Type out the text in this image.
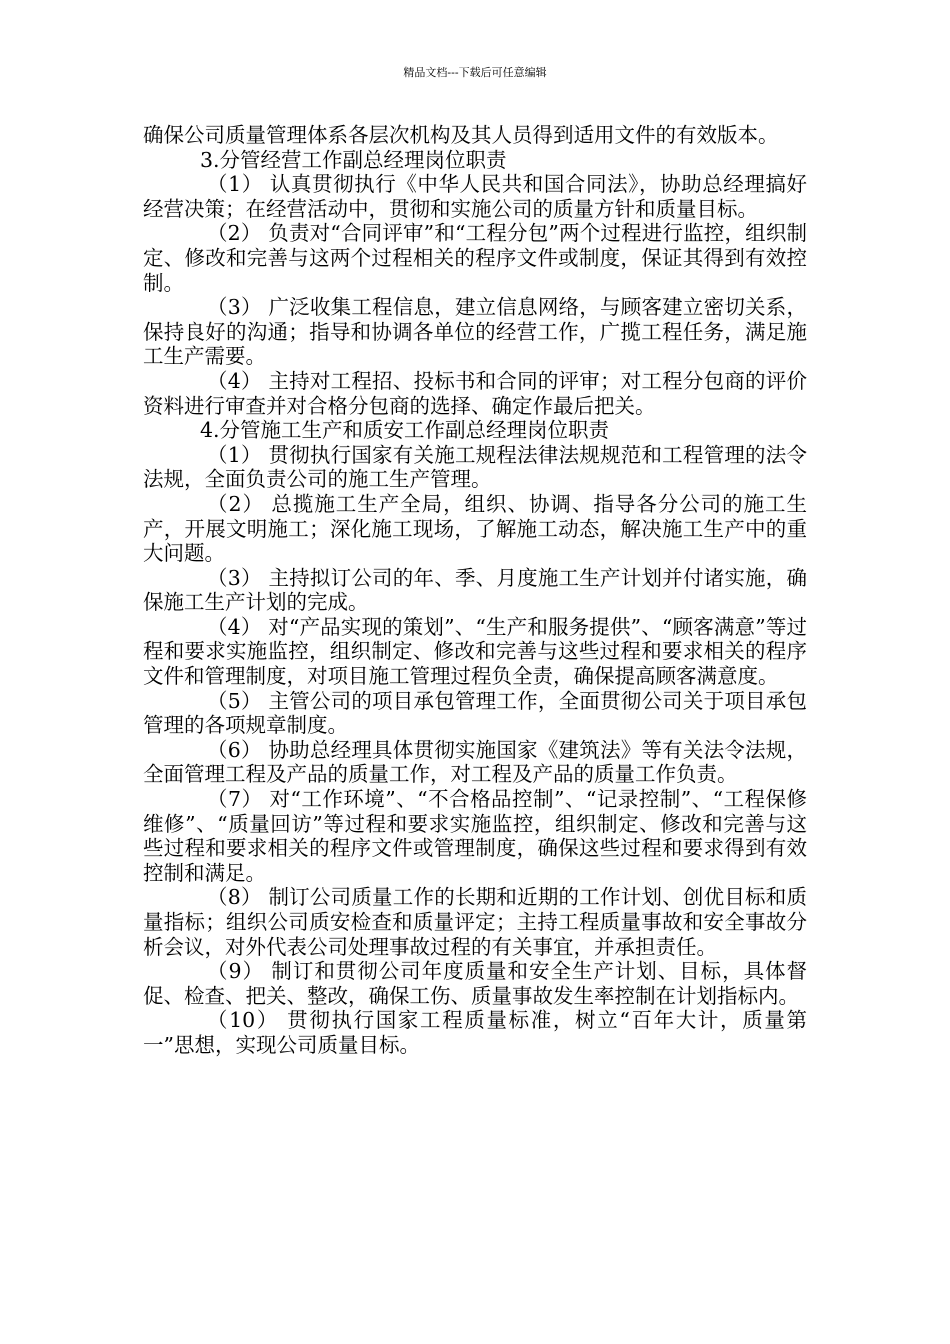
精品文档---下载后可任意编辑

确保公司质量管理体系各层次机构及其人员得到适用文件的有效版本。

3.分管经营工作副总经理岗位职责

（1） 认真贯彻执行《中华人民共和国合同法》，协助总经理搞好经营决策；在经营活动中，贯彻和实施公司的质量方针和质量目标。

（2） 负责对“合同评审”和“工程分包”两个过程进行监控，组织制定、修改和完善与这两个过程相关的程序文件或制度，保证其得到有效控制。

（3） 广泛收集工程信息，建立信息网络，与顾客建立密切关系，保持良好的沟通；指导和协调各单位的经营工作，广揽工程任务，满足施工生产需要。

（4） 主持对工程招、投标书和合同的评审；对工程分包商的评价资料进行审查并对合格分包商的选择、确定作最后把关。

4.分管施工生产和质安工作副总经理岗位职责

（1） 贯彻执行国家有关施工规程法律法规规范和工程管理的法令法规，全面负责公司的施工生产管理。

（2） 总揽施工生产全局，组织、协调、指导各分公司的施工生产，开展文明施工；深化施工现场，了解施工动态，解决施工生产中的重大问题。

（3） 主持拟订公司的年、季、月度施工生产计划并付诸实施，确保施工生产计划的完成。

（4） 对“产品实现的策划”、“生产和服务提供”、“顾客满意”等过程和要求实施监控，组织制定、修改和完善与这些过程和要求相关的程序文件和管理制度，对项目施工管理过程负全责，确保提高顾客满意度。

（5） 主管公司的项目承包管理工作，全面贯彻公司关于项目承包管理的各项规章制度。

（6） 协助总经理具体贯彻实施国家《建筑法》等有关法令法规，全面管理工程及产品的质量工作，对工程及产品的质量工作负责。

（7） 对“工作环境”、“不合格品控制”、“记录控制”、“工程保修维修”、“质量回访”等过程和要求实施监控，组织制定、修改和完善与这些过程和要求相关的程序文件或管理制度，确保这些过程和要求得到有效控制和满足。

（8） 制订公司质量工作的长期和近期的工作计划、创优目标和质量指标；组织公司质安检查和质量评定；主持工程质量事故和安全事故分析会议，对外代表公司处理事故过程的有关事宜，并承担责任。

（9） 制订和贯彻公司年度质量和安全生产计划、目标，具体督促、检查、把关、整改，确保工伤、质量事故发生率控制在计划指标内。

（10） 贯彻执行国家工程质量标准，树立“百年大计，质量第一”思想，实现公司质量目标。
